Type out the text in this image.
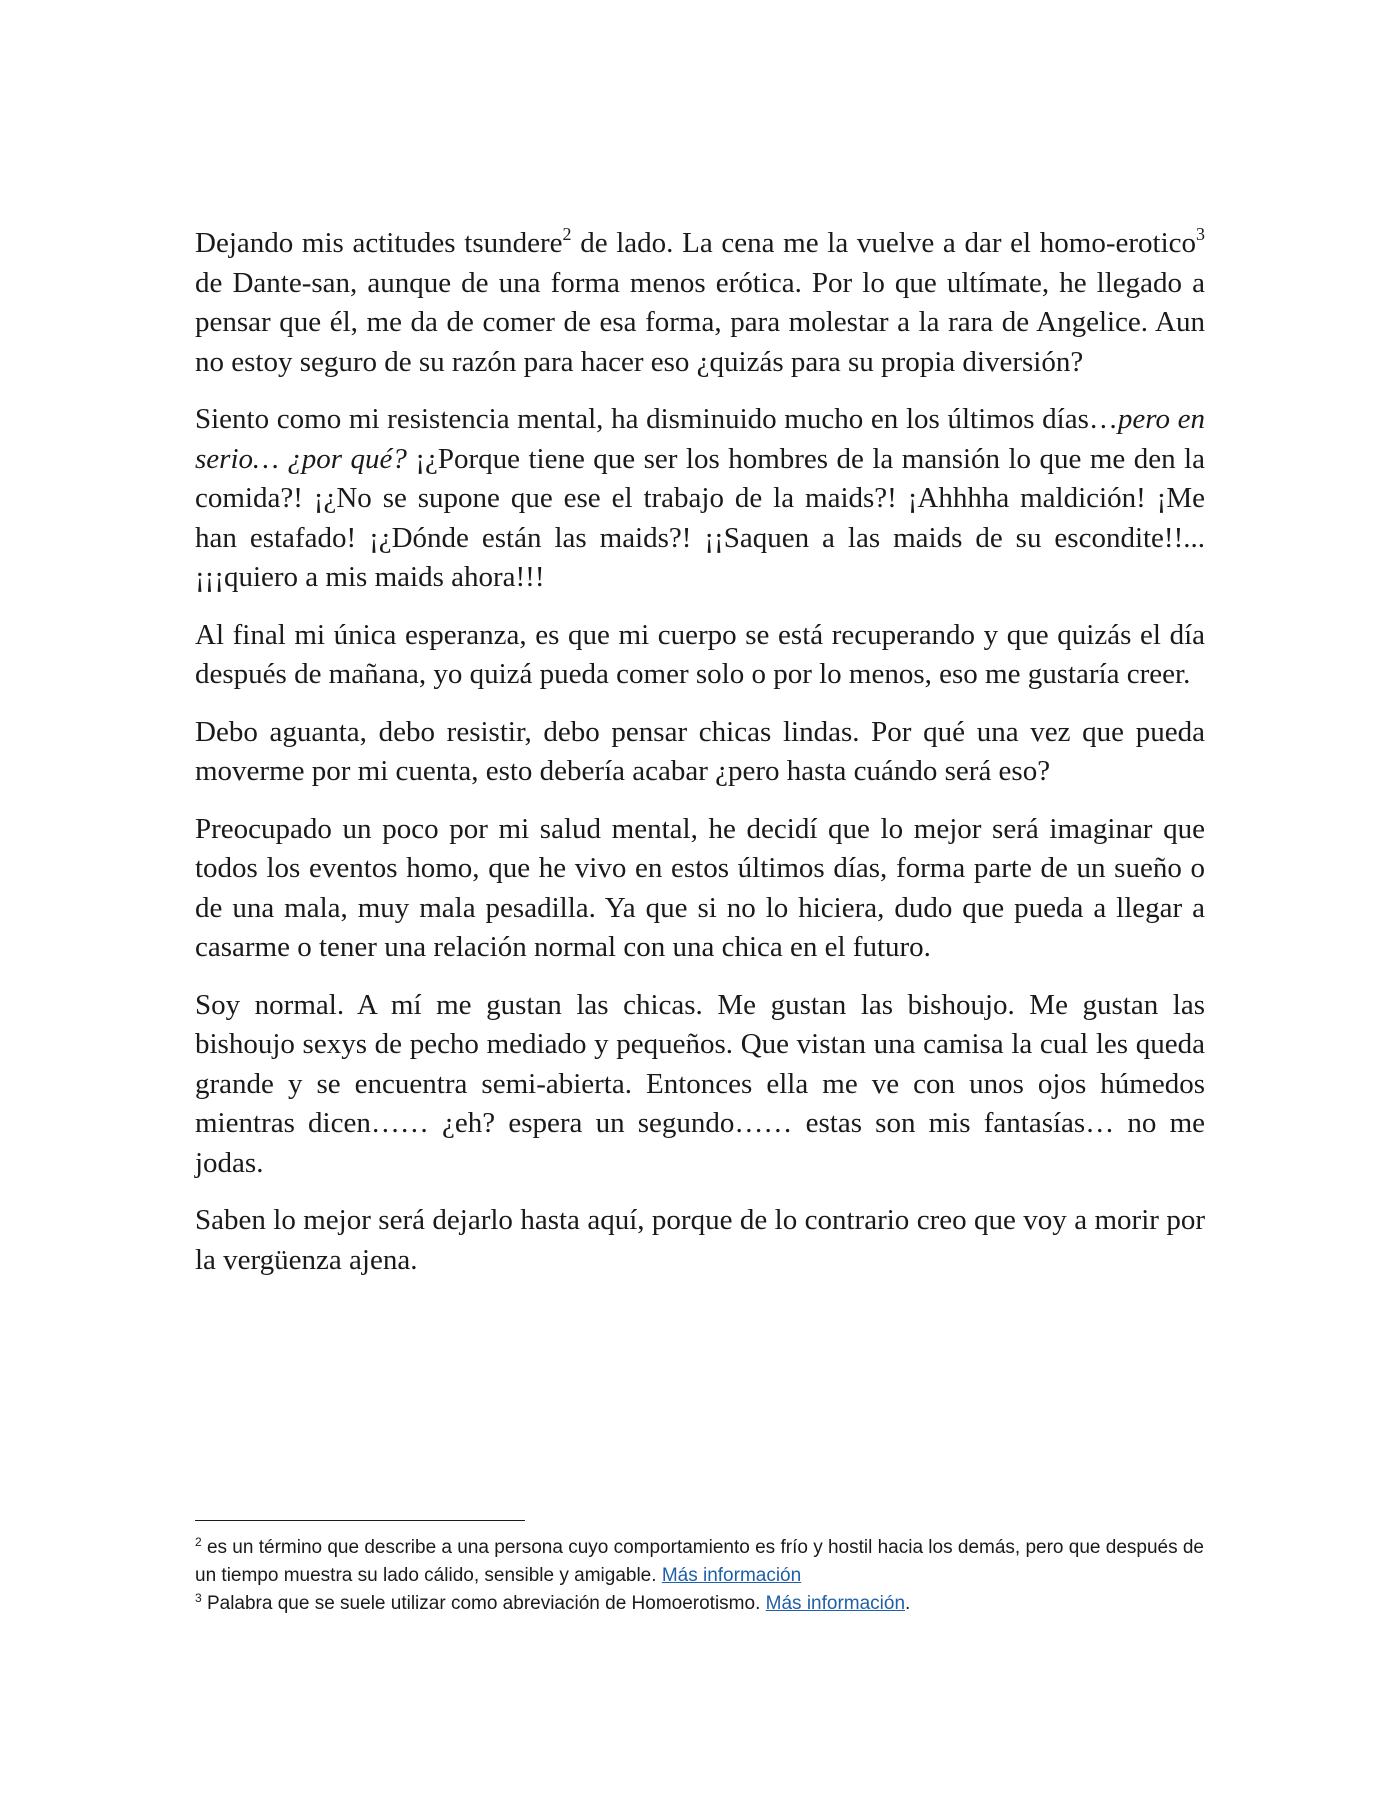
Dejando mis actitudes tsundere$^2$ de lado. La cena me la vuelve a dar el homo-erotico$^3$ de Dante-san, aunque de una forma menos erótica. Por lo que ultímate, he llegado a pensar que él, me da de comer de esa forma, para molestar a la rara de Angelice. Aun no estoy seguro de su razón para hacer eso ¿quizás para su propia diversión?

Siento como mi resistencia mental, ha disminuido mucho en los últimos días…pero en serio… ¿por qué? ¡¿Porque tiene que ser los hombres de la mansión lo que me den la comida?! ¡¿No se supone que ese el trabajo de la maids?! ¡Ahhhha maldición! ¡Me han estafado! ¡¿Dónde están las maids?! ¡¡Saquen a las maids de su escondite!!...¡¡¡quiero a mis maids ahora!!!

Al final mi única esperanza, es que mi cuerpo se está recuperando y que quizás el día después de mañana, yo quizá pueda comer solo o por lo menos, eso me gustaría creer.

Debo aguanta, debo resistir, debo pensar chicas lindas. Por qué una vez que pueda moverme por mi cuenta, esto debería acabar ¿pero hasta cuándo será eso?

Preocupado un poco por mi salud mental, he decidí que lo mejor será imaginar que todos los eventos homo, que he vivo en estos últimos días, forma parte de un sueño o de una mala, muy mala pesadilla. Ya que si no lo hiciera, dudo que pueda a llegar a casarme o tener una relación normal con una chica en el futuro.

Soy normal. A mí me gustan las chicas. Me gustan las bishoujo. Me gustan las bishoujo sexys de pecho mediado y pequeños. Que vistan una camisa la cual les queda grande y se encuentra semi-abierta. Entonces ella me ve con unos ojos húmedos mientras dicen…… ¿eh? espera un segundo…… estas son mis fantasías… no me jodas.

Saben lo mejor será dejarlo hasta aquí, porque de lo contrario creo que voy a morir por la vergüenza ajena.

$^2$ es un término que describe a una persona cuyo comportamiento es frío y hostil hacia los demás, pero que después de un tiempo muestra su lado cálido, sensible y amigable. Más información

$^3$ Palabra que se suele utilizar como abreviación de Homoerotismo. Más información.
